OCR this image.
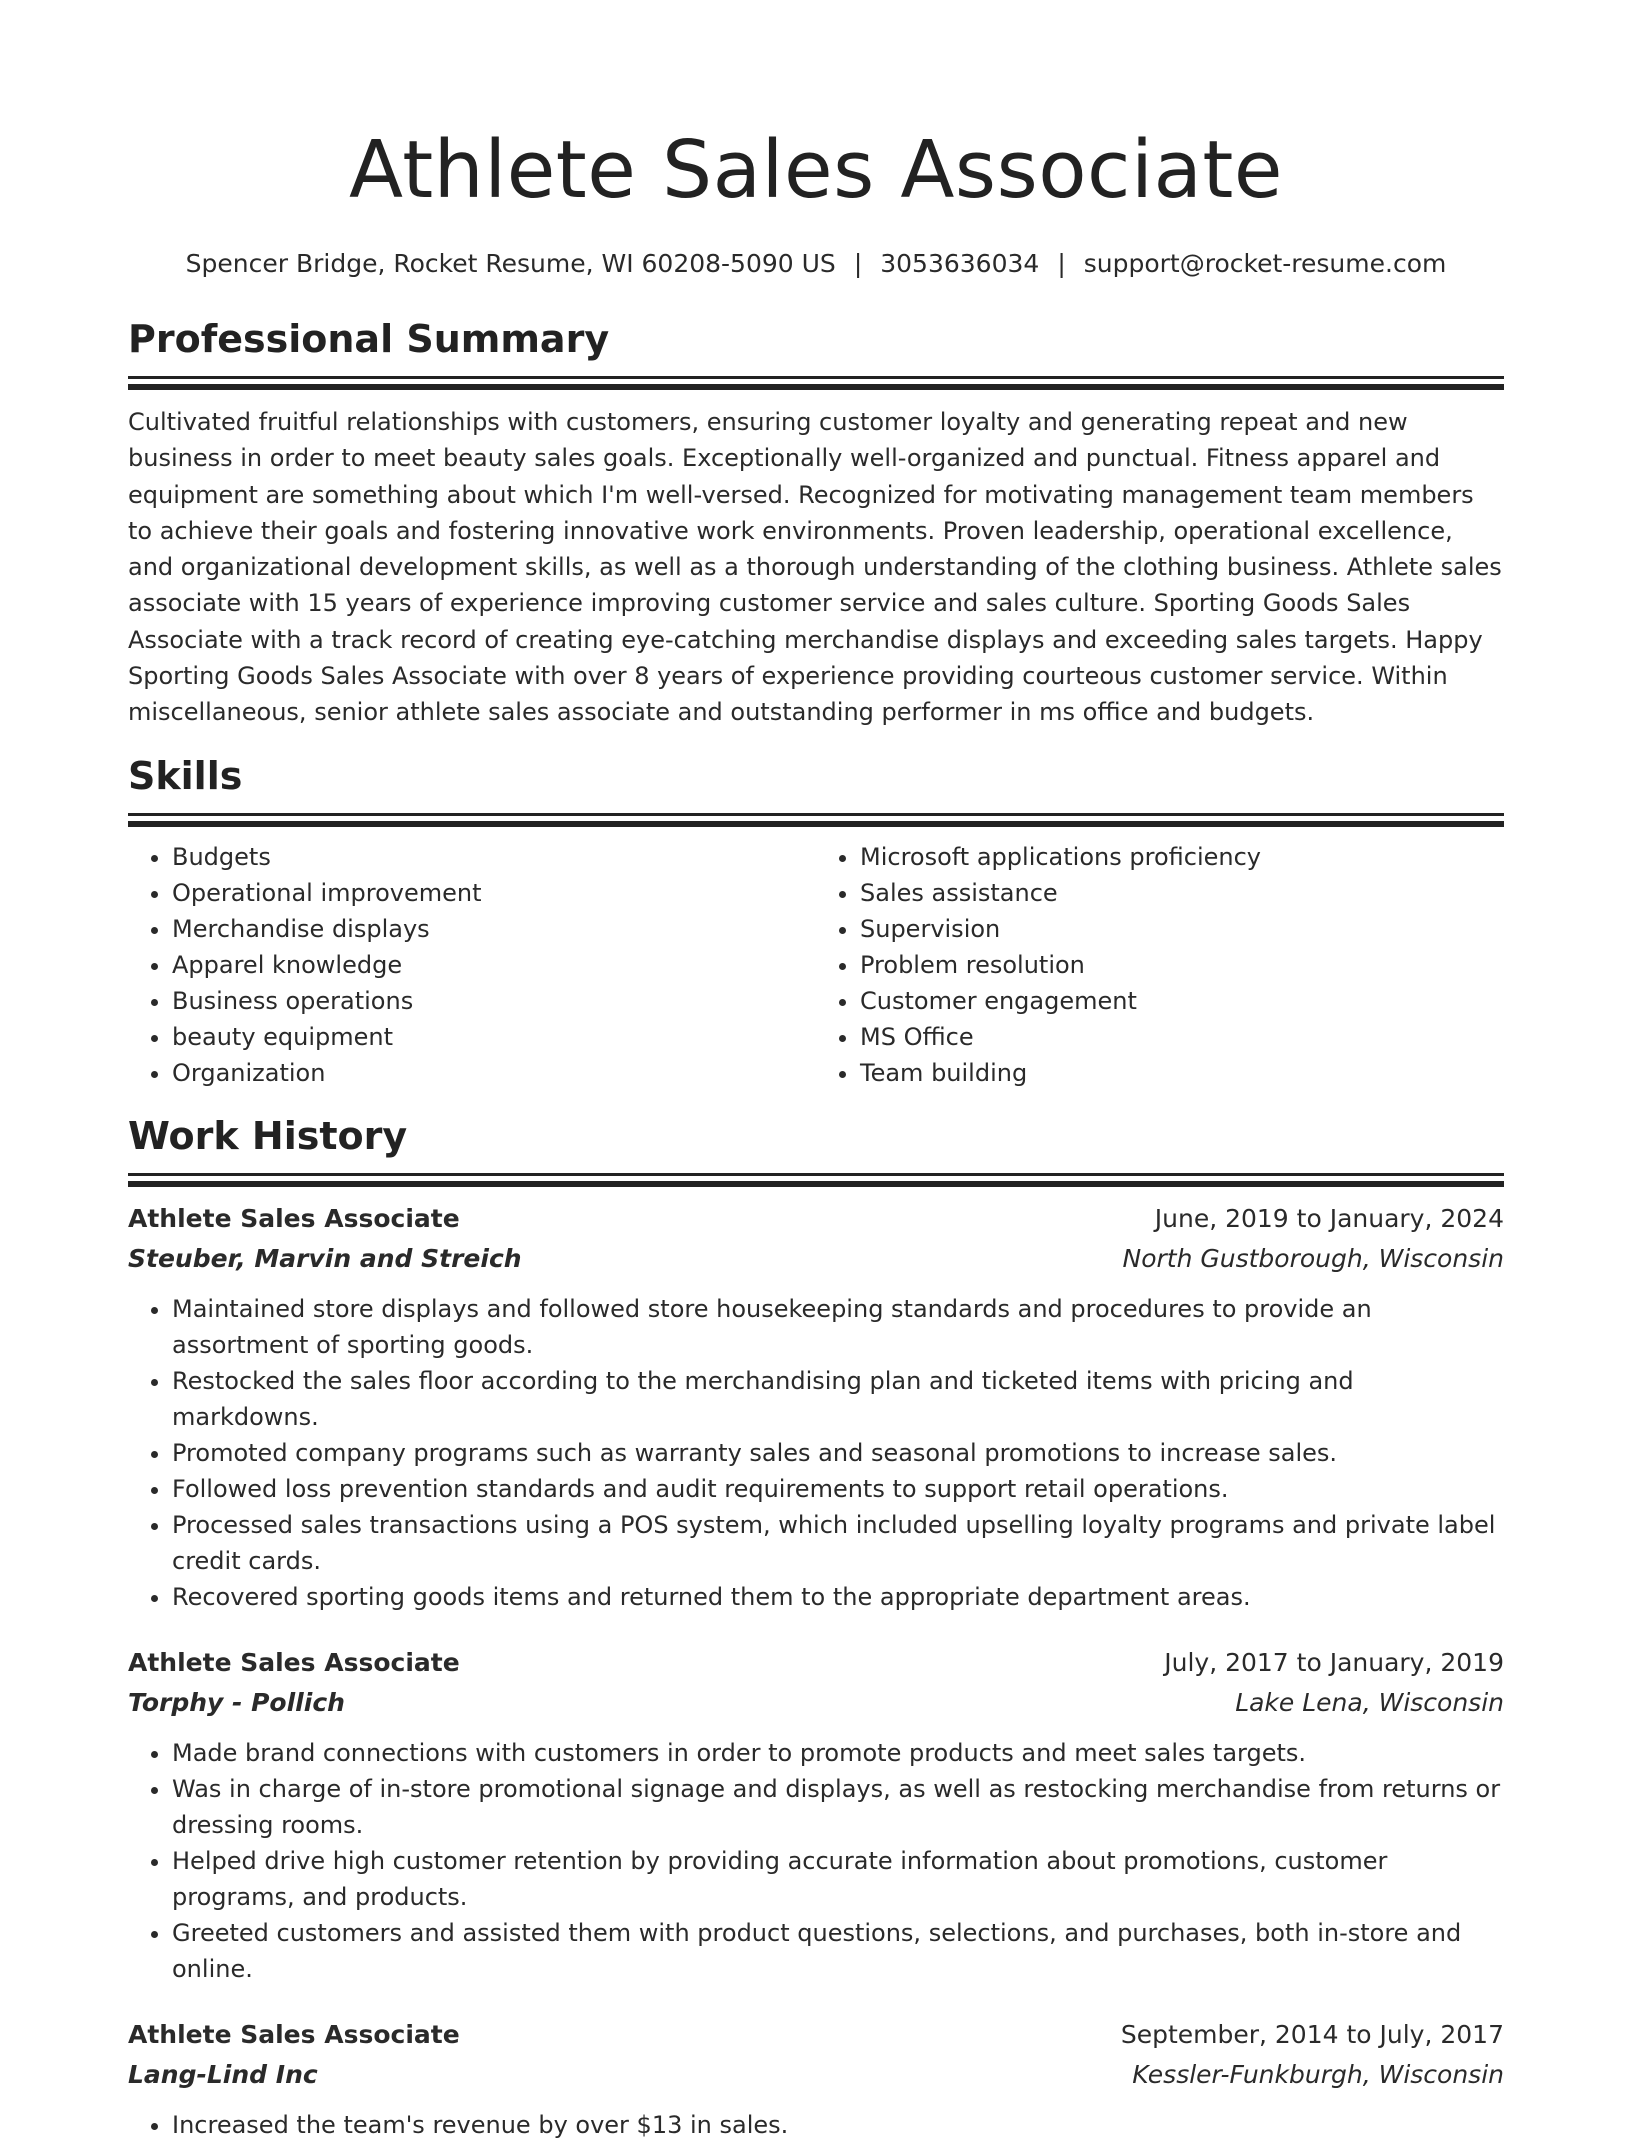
Athlete Sales Associate
Spencer Bridge, Rocket Resume, WI 60208-5090 US | 3053636034 | support@rocket-resume.com
Professional Summary

Cultivated fruitful relationships with customers, ensuring customer loyalty and generating repeat and new business in order to meet beauty sales goals. Exceptionally well-organized and punctual. Fitness apparel and equipment are something about which I'm well-versed. Recognized for motivating management team members to achieve their goals and fostering innovative work environments. Proven leadership, operational excellence, and organizational development skills, as well as a thorough understanding of the clothing business. Athlete sales associate with 15 years of experience improving customer service and sales culture. Sporting Goods Sales Associate with a track record of creating eye-catching merchandise displays and exceeding sales targets. Happy Sporting Goods Sales Associate with over 8 years of experience providing courteous customer service. Within miscellaneous, senior athlete sales associate and outstanding performer in ms office and budgets.

Skills
• Budgets
• Operational improvement
• Merchandise displays
• Apparel knowledge
• Business operations
• beauty equipment
• Organization
• Microsoft applications proficiency
• Sales assistance
• Supervision
• Problem resolution
• Customer engagement
• MS Office
• Team building
Work History
Athlete Sales Associate	June, 2019 to January, 2024
Steuber, Marvin and Streich	North Gustborough, Wisconsin
• Maintained store displays and followed store housekeeping standards and procedures to provide an assortment of sporting goods.
• Restocked the sales floor according to the merchandising plan and ticketed items with pricing and markdowns.
• Promoted company programs such as warranty sales and seasonal promotions to increase sales.
• Followed loss prevention standards and audit requirements to support retail operations.
• Processed sales transactions using a POS system, which included upselling loyalty programs and private label credit cards.
• Recovered sporting goods items and returned them to the appropriate department areas.
Athlete Sales Associate	July, 2017 to January, 2019
Torphy - Pollich	Lake Lena, Wisconsin
• Made brand connections with customers in order to promote products and meet sales targets.
• Was in charge of in-store promotional signage and displays, as well as restocking merchandise from returns or dressing rooms.
• Helped drive high customer retention by providing accurate information about promotions, customer programs, and products.
• Greeted customers and assisted them with product questions, selections, and purchases, both in-store and online.
Athlete Sales Associate	September, 2014 to July, 2017
Lang-Lind Inc	Kessler-Funkburgh, Wisconsin
• Increased the team's revenue by over $13 in sales.
